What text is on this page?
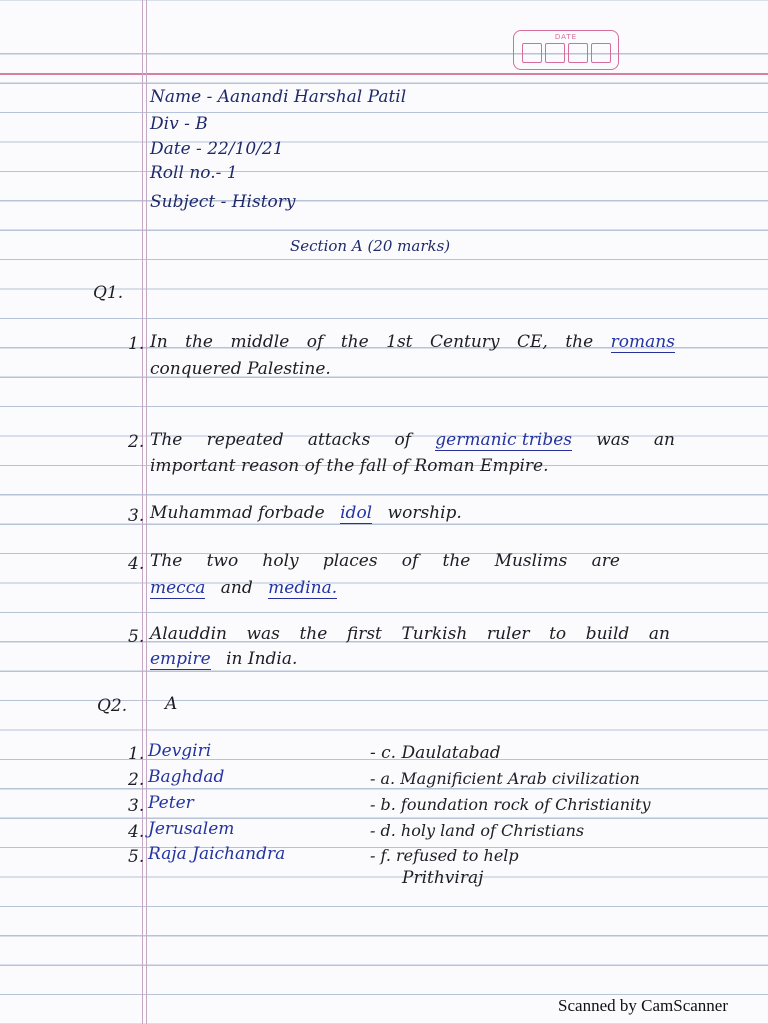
DATE
Name - Aanandi Harshal Patil
Div - B
Date - 22/10/21
Roll no.- 1
Subject - History
Section A (20 marks)
Q1.
1. In the middle of the 1st Century CE, the romans
conquered Palestine.
2. The repeated attacks of germanic tribes was an
important reason of the fall of Roman Empire.
3. Muhammad forbade idol worship.
4. The two holy places of the Muslims are
mecca and medina.
5. Alauddin was the first Turkish ruler to build an
empire in India.
Q2. A
1. Devgiri	- c. Daulatabad
2. Baghdad	- a. Magnificient Arab civilization
3. Peter	- b. foundation rock of Christianity
4. Jerusalem	- d. holy land of Christians
5. Raja Jaichandra	- f. refused to help
Prithviraj
Scanned by CamScanner
